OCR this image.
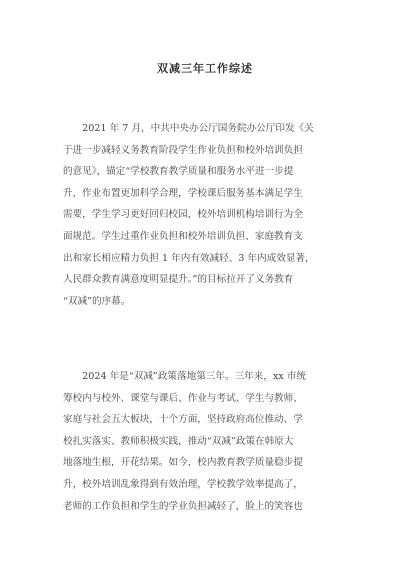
双减三年工作综述
　　2021 年 7 月，中共中央办公厅国务院办公厅印发《关
于进一步减轻义务教育阶段学生作业负担和校外培训负担
的意见》，锚定“学校教育教学质量和服务水平进一步提
升，作业布置更加科学合理，学校课后服务基本满足学生
需要，学生学习更好回归校园，校外培训机构培训行为全
面规范。学生过重作业负担和校外培训负担、家庭教育支
出和家长相应精力负担 1 年内有效减轻、3 年内成效显著，
人民群众教育满意度明显提升。”的目标拉开了义务教育
“双减”的序幕。
　　2024 年是“双减”政策落地第三年。三年来，xx 市统
筹校内与校外、课堂与课后、作业与考试、学生与教师、
家庭与社会五大板块，十个方面，坚持政府高位推动、学
校扎实落实、教师积极实践，推动“双减”政策在韩原大
地落地生根，开花结果。如今，校内教育教学质量稳步提
升，校外培训乱象得到有效治理，学校教学效率提高了，
老师的工作负担和学生的学业负担减轻了，脸上的笑容也
